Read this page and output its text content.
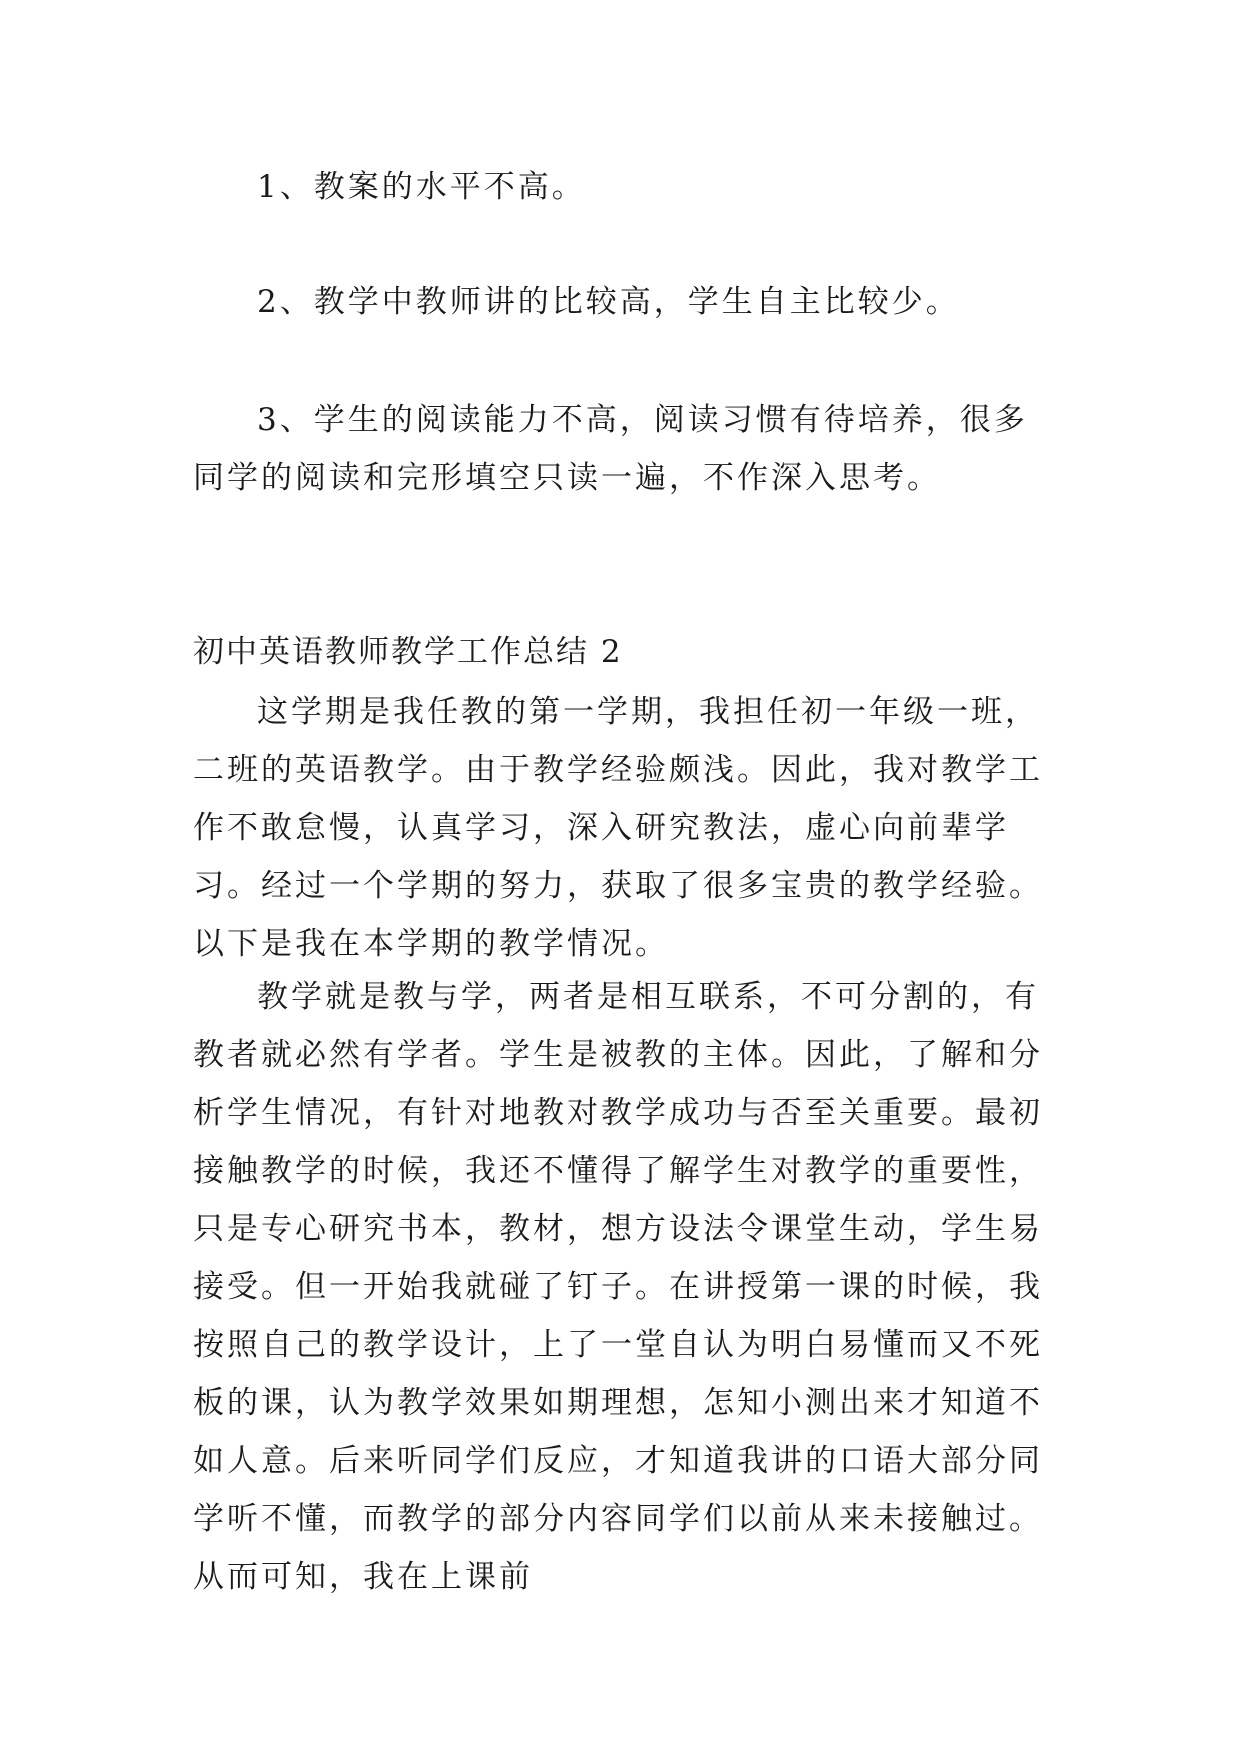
1、教案的水平不高。

2、教学中教师讲的比较高，学生自主比较少。

3、学生的阅读能力不高，阅读习惯有待培养，很多同学的阅读和完形填空只读一遍，不作深入思考。

初中英语教师教学工作总结 2

这学期是我任教的第一学期，我担任初一年级一班，二班的英语教学。由于教学经验颇浅。因此，我对教学工作不敢怠慢，认真学习，深入研究教法，虚心向前辈学习。经过一个学期的努力，获取了很多宝贵的教学经验。以下是我在本学期的教学情况。

教学就是教与学，两者是相互联系，不可分割的，有教者就必然有学者。学生是被教的主体。因此，了解和分析学生情况，有针对地教对教学成功与否至关重要。最初接触教学的时候，我还不懂得了解学生对教学的重要性，只是专心研究书本，教材，想方设法令课堂生动，学生易接受。但一开始我就碰了钉子。在讲授第一课的时候，我按照自己的教学设计，上了一堂自认为明白易懂而又不死板的课，认为教学效果如期理想，怎知小测出来才知道不如人意。后来听同学们反应，才知道我讲的口语大部分同学听不懂，而教学的部分内容同学们以前从来未接触过。从而可知，我在上课前
